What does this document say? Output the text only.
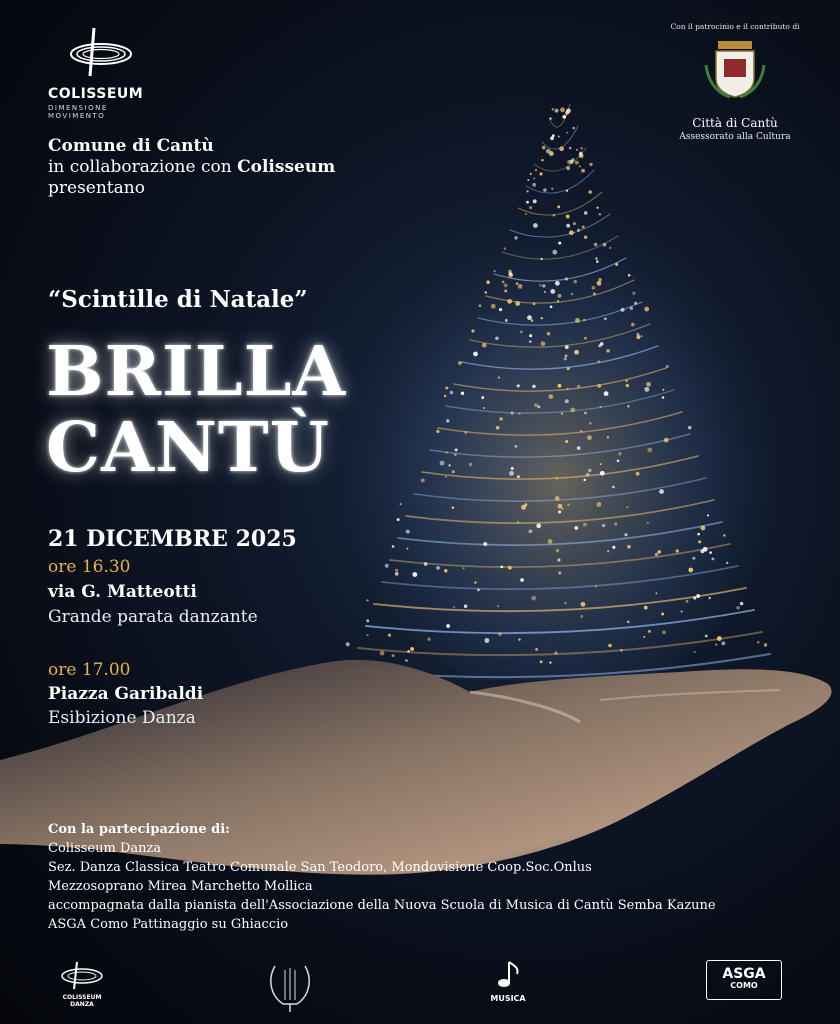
COLISSEUM
DIMENSIONE MOVIMENTO
Con il patrocinio e il contributo di
Città di Cantù
Assessorato alla Cultura
Comune di Cantù
in collaborazione con Colisseum
presentano
“Scintille di Natale”
BRILLA
CANTÙ
21 DICEMBRE 2025
ore 16.30
via G. Matteotti
Grande parata danzante
ore 17.00
Piazza Garibaldi
Esibizione Danza
Con la partecipazione di:
Colisseum Danza
Sez. Danza Classica Teatro Comunale San Teodoro, Mondovisione Coop.Soc.Onlus
Mezzosoprano Mirea Marchetto Mollica
accompagnata dalla pianista dell'Associazione della Nuova Scuola di Musica di Cantù Semba Kazune
ASGA Como Pattinaggio su Ghiaccio
COLISSEUM
DANZA
MUSICA
ASGA
COMO
